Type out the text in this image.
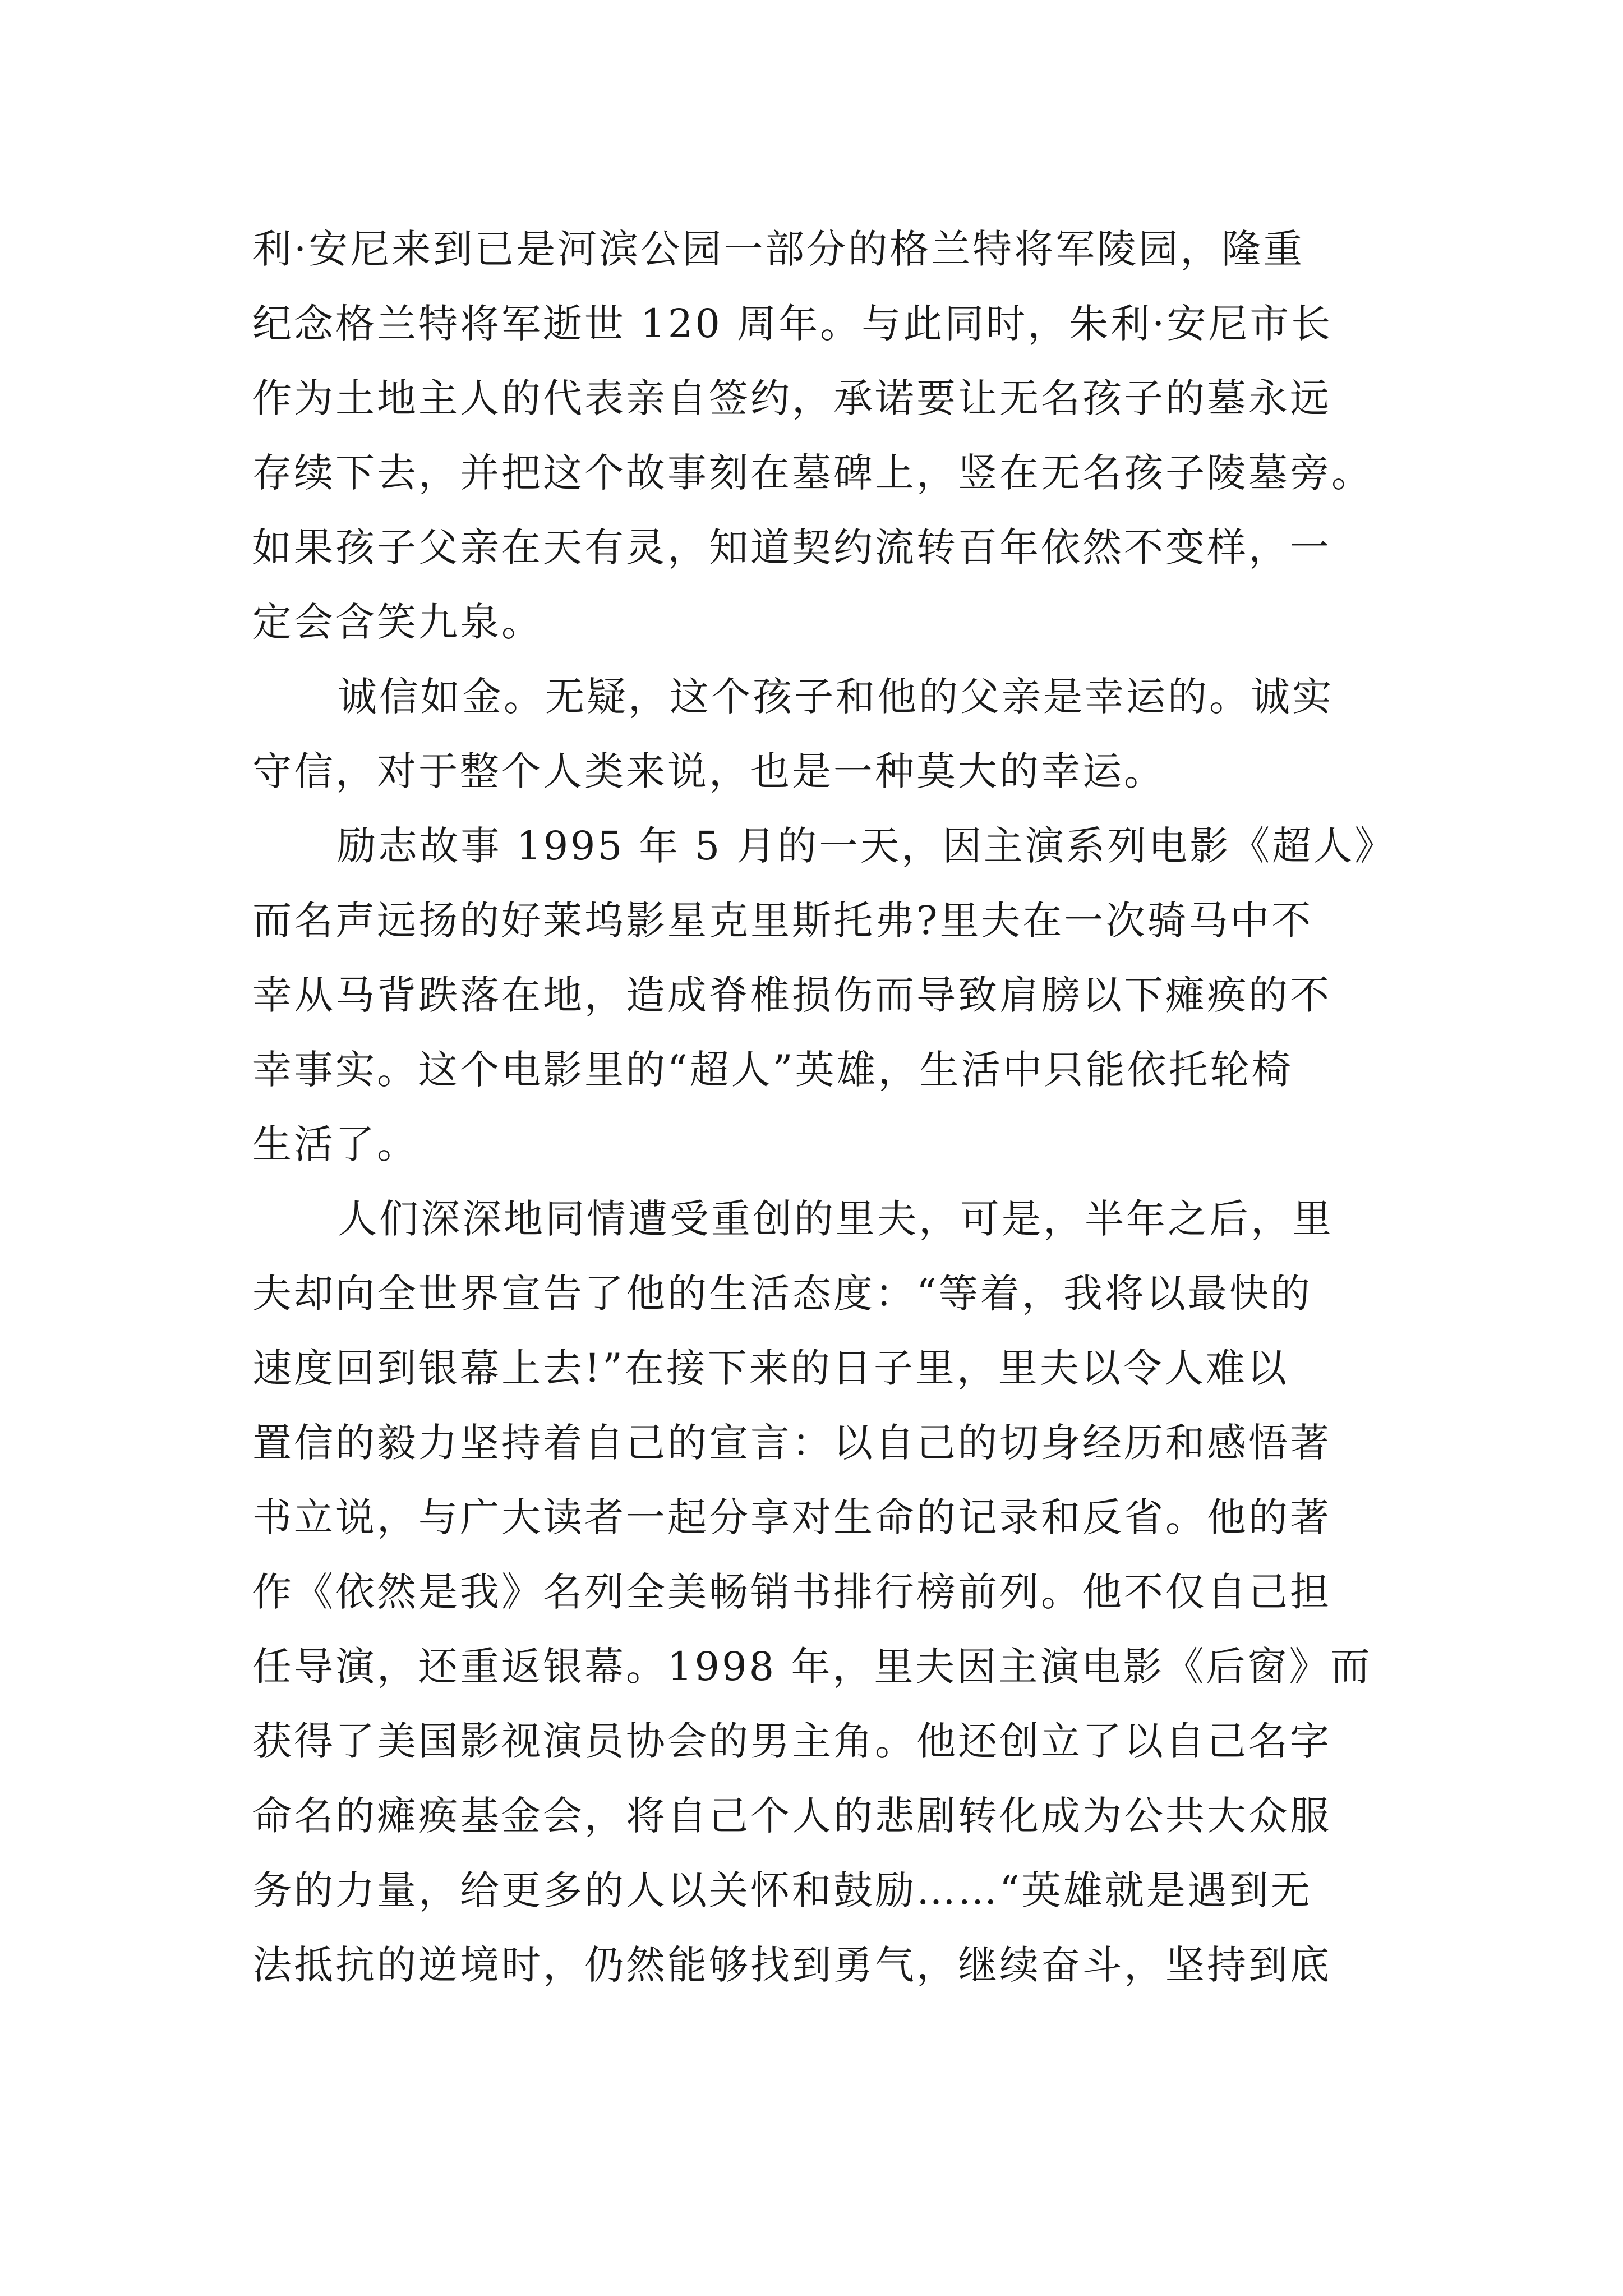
利·安尼来到已是河滨公园一部分的格兰特将军陵园，隆重
纪念格兰特将军逝世 120 周年。与此同时，朱利·安尼市长
作为土地主人的代表亲自签约，承诺要让无名孩子的墓永远
存续下去，并把这个故事刻在墓碑上，竖在无名孩子陵墓旁。
如果孩子父亲在天有灵，知道契约流转百年依然不变样，一
定会含笑九泉。
诚信如金。无疑，这个孩子和他的父亲是幸运的。诚实
守信，对于整个人类来说，也是一种莫大的幸运。
励志故事 1995 年 5 月的一天，因主演系列电影《超人》
而名声远扬的好莱坞影星克里斯托弗?里夫在一次骑马中不
幸从马背跌落在地，造成脊椎损伤而导致肩膀以下瘫痪的不
幸事实。这个电影里的“超人”英雄，生活中只能依托轮椅
生活了。
人们深深地同情遭受重创的里夫，可是，半年之后，里
夫却向全世界宣告了他的生活态度：“等着，我将以最快的
速度回到银幕上去!”在接下来的日子里，里夫以令人难以
置信的毅力坚持着自己的宣言：以自己的切身经历和感悟著
书立说，与广大读者一起分享对生命的记录和反省。他的著
作《依然是我》名列全美畅销书排行榜前列。他不仅自己担
任导演，还重返银幕。1998 年，里夫因主演电影《后窗》而
获得了美国影视演员协会的男主角。他还创立了以自己名字
命名的瘫痪基金会，将自己个人的悲剧转化成为公共大众服
务的力量，给更多的人以关怀和鼓励……“英雄就是遇到无
法抵抗的逆境时，仍然能够找到勇气，继续奋斗，坚持到底
